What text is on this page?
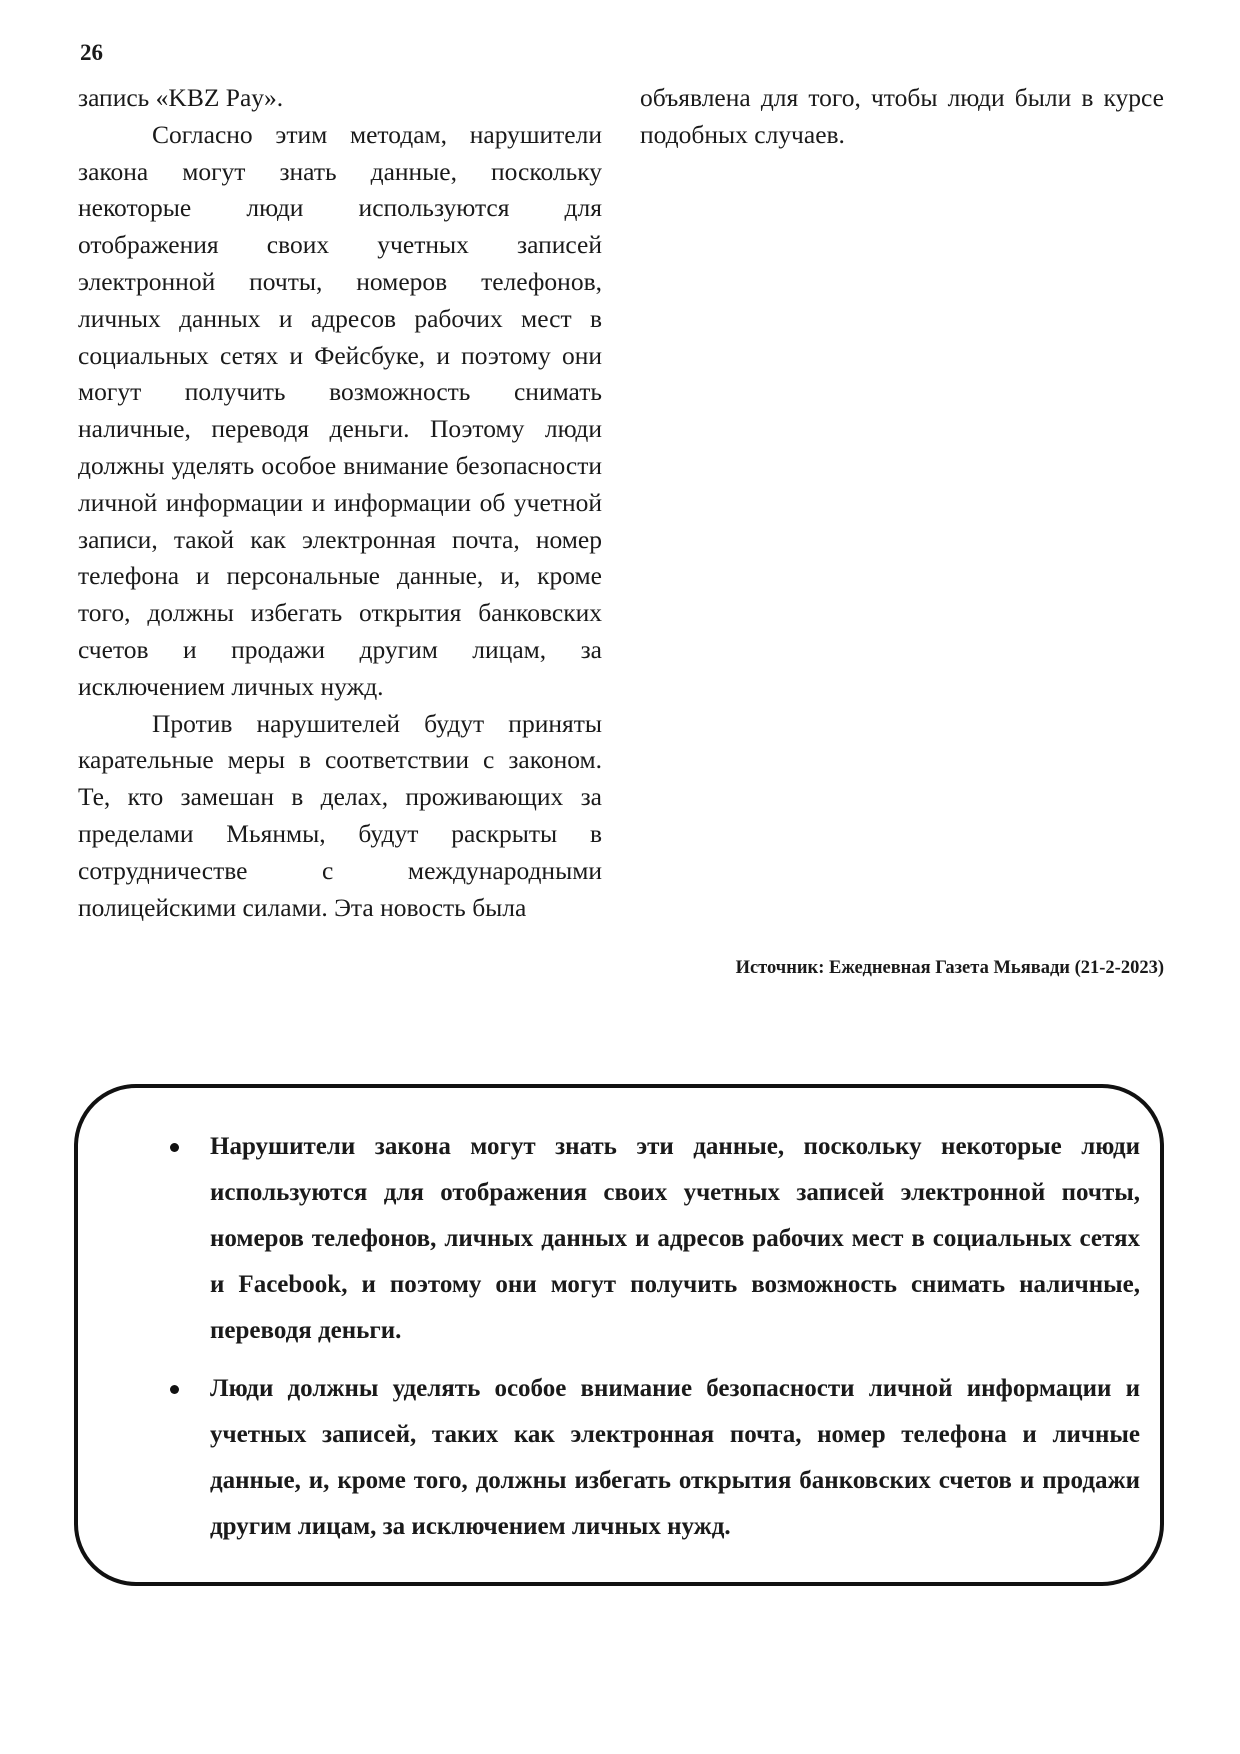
26

запись «KBZ Pay».

Согласно этим методам, нарушители закона могут знать данные, поскольку некоторые люди используются для отображения своих учетных записей электронной почты, номеров телефонов, личных данных и адресов рабочих мест в социальных сетях и Фейсбуке, и поэтому они могут получить возможность снимать наличные, переводя деньги. Поэтому люди должны уделять особое внимание безопасности личной информации и информации об учетной записи, такой как электронная почта, номер телефона и персональные данные, и, кроме того, должны избегать открытия банковских счетов и продажи другим лицам, за исключением личных нужд.

Против нарушителей будут приняты карательные меры в соответствии с законом. Те, кто замешан в делах, проживающих за пределами Мьянмы, будут раскрыты в сотрудничестве с международными полицейскими силами. Эта новость была

объявлена для того, чтобы люди были в курсе подобных случаев.

Источник: Ежедневная Газета Мьявади (21-2-2023)
Нарушители закона могут знать эти данные, поскольку некоторые люди используются для отображения своих учетных записей электронной почты, номеров телефонов, личных данных и адресов рабочих мест в социальных сетях и Facebook, и поэтому они могут получить возможность снимать наличные, переводя деньги.
Люди должны уделять особое внимание безопасности личной информации и учетных записей, таких как электронная почта, номер телефона и личные данные, и, кроме того, должны избегать открытия банковских счетов и продажи другим лицам, за исключением личных нужд.
